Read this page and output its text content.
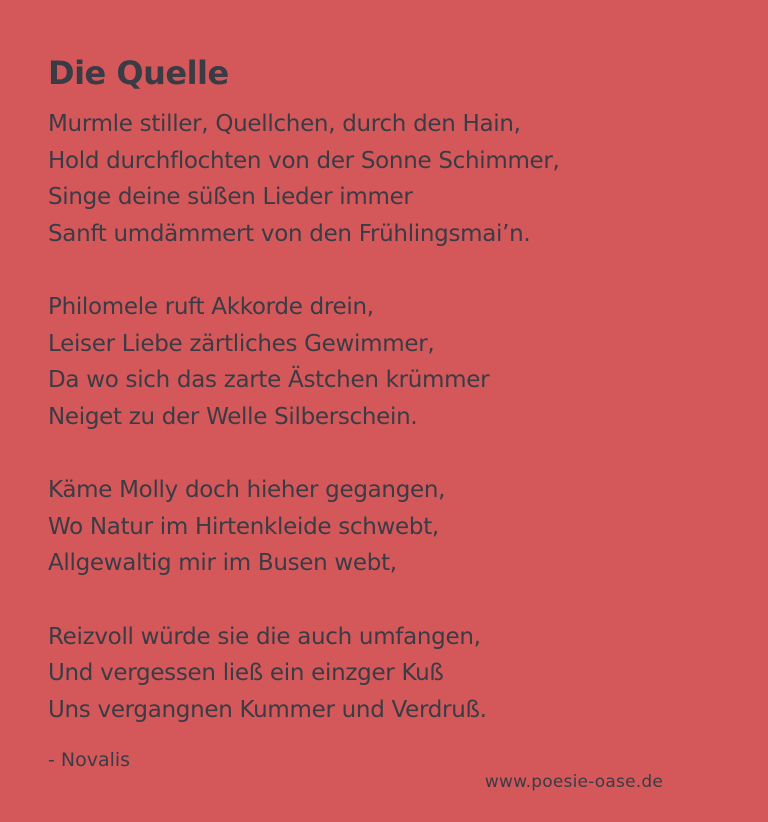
Die Quelle
Murmle stiller, Quellchen, durch den Hain,
Hold durchflochten von der Sonne Schimmer,
Singe deine süßen Lieder immer
Sanft umdämmert von den Frühlingsmai’n.
Philomele ruft Akkorde drein,
Leiser Liebe zärtliches Gewimmer,
Da wo sich das zarte Ästchen krümmer
Neiget zu der Welle Silberschein.
Käme Molly doch hieher gegangen,
Wo Natur im Hirtenkleide schwebt,
Allgewaltig mir im Busen webt,
Reizvoll würde sie die auch umfangen,
Und vergessen ließ ein einzger Kuß
Uns vergangnen Kummer und Verdruß.
- Novalis
www.poesie-oase.de
